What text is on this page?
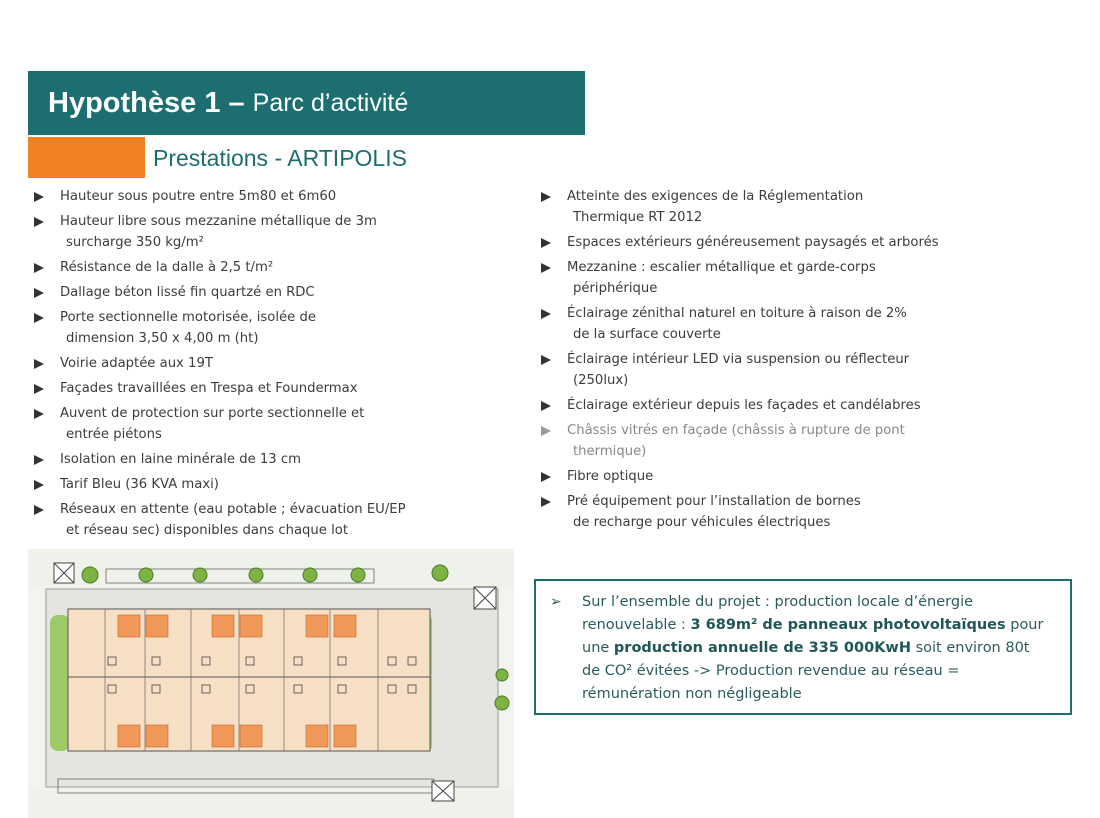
Hypothèse 1 – Parc d’activité
Prestations - ARTIPOLIS
Hauteur sous poutre entre 5m80 et 6m60
Hauteur libre sous mezzanine métallique de 3m
surcharge 350 kg/m²
Résistance de la dalle à 2,5 t/m²
Dallage béton lissé fin quartzé en RDC
Porte sectionnelle motorisée, isolée de
dimension 3,50 x 4,00 m (ht)
Voirie adaptée aux 19T
Façades travaillées en Trespa et Foundermax
Auvent de protection sur porte sectionnelle et
entrée piétons
Isolation en laine minérale de 13 cm
Tarif Bleu (36 KVA maxi)
Réseaux en attente (eau potable ; évacuation EU/EP
et réseau sec) disponibles dans chaque lot
Atteinte des exigences de la Réglementation
Thermique RT 2012
Espaces extérieurs généreusement paysagés et arborés
Mezzanine : escalier métallique et garde-corps
périphérique
Éclairage zénithal naturel en toiture à raison de 2%
de la surface couverte
Éclairage intérieur LED via suspension ou réflecteur
(250lux)
Éclairage extérieur depuis les façades et candélabres
Châssis vitrés en façade (châssis à rupture de pont
thermique)
Fibre optique
Pré équipement pour l’installation de bornes
de recharge pour véhicules électriques
➢ Sur l’ensemble du projet : production locale d’énergie renouvelable : 3 689m² de panneaux photovoltaïques pour une production annuelle de 335 000KwH soit environ 80t de CO² évitées -> Production revendue au réseau = rémunération non négligeable
